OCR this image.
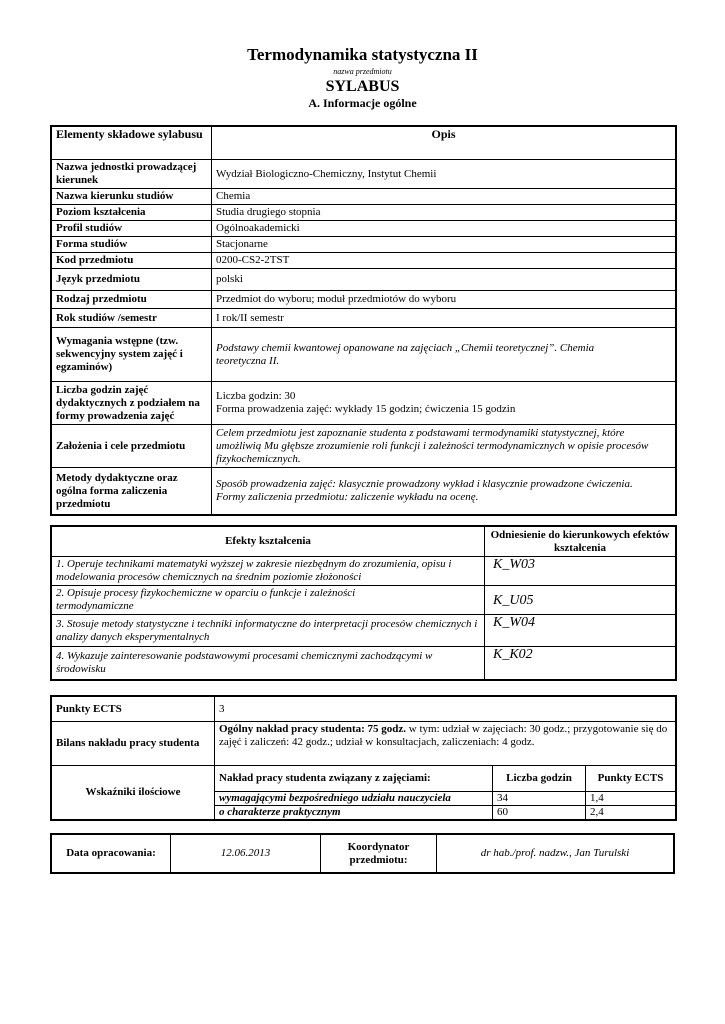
Termodynamika statystyczna II
nazwa przedmiotu
SYLABUS
A. Informacje ogólne
Elementy składowe sylabusu	Opis
Nazwa jednostki prowadzącej kierunek	Wydział Biologiczno-Chemiczny, Instytut Chemii
Nazwa kierunku studiów	Chemia
Poziom kształcenia	Studia drugiego stopnia
Profil studiów	Ogólnoakademicki
Forma studiów	Stacjonarne
Kod przedmiotu	0200-CS2-2TST
Język przedmiotu	polski
Rodzaj przedmiotu	Przedmiot do wyboru; moduł przedmiotów do wyboru
Rok studiów /semestr	I rok/II semestr
Wymagania wstępne (tzw. sekwencyjny system zajęć i egzaminów)	Podstawy chemii kwantowej opanowane na zajęciach „Chemii teoretycznej”. Chemia teoretyczna II.
Liczba godzin zajęć dydaktycznych z podziałem na formy prowadzenia zajęć	Liczba godzin: 30
Forma prowadzenia zajęć: wykłady 15 godzin; ćwiczenia 15 godzin

Założenia i cele przedmiotu	Celem przedmiotu jest zapoznanie studenta z podstawami termodynamiki statystycznej, które umożliwią Mu głębsze zrozumienie roli funkcji i zależności termodynamicznych w opisie procesów fizykochemicznych.
Metody dydaktyczne oraz ogólna forma zaliczenia przedmiotu	Sposób prowadzenia zajęć: klasycznie prowadzony wykład i klasycznie prowadzone ćwiczenia.
Formy zaliczenia przedmiotu: zaliczenie wykładu na ocenę.
Efekty kształcenia	Odniesienie do kierunkowych efektów kształcenia
1. Operuje technikami matematyki wyższej w zakresie niezbędnym do zrozumienia, opisu i modelowania procesów chemicznych na średnim poziomie złożoności	K_W03
2. Opisuje procesy fizykochemiczne w oparciu o funkcje i zależności termodynamiczne	K_U05
3. Stosuje metody statystyczne i techniki informatyczne do interpretacji procesów chemicznych i analizy danych eksperymentalnych	K_W04
4. Wykazuje zainteresowanie podstawowymi procesami chemicznymi zachodzącymi w środowisku	K_K02
Punkty ECTS	3		
Bilans nakładu pracy studenta	Ogólny nakład pracy studenta: 75 godz. w tym: udział w zajęciach: 30 godz.; przygotowanie się do zajęć i zaliczeń: 42 godz.; udział w konsultacjach, zaliczeniach: 4 godz.		
Wskaźniki ilościowe	Nakład pracy studenta związany z zajęciami:	Liczba godzin	Punkty ECTS
	wymagającymi bezpośredniego udziału nauczyciela	34	1,4
	o charakterze praktycznym	60	2,4
Data opracowania:	12.06.2013	Koordynator przedmiotu:	dr hab./prof. nadzw., Jan Turulski
